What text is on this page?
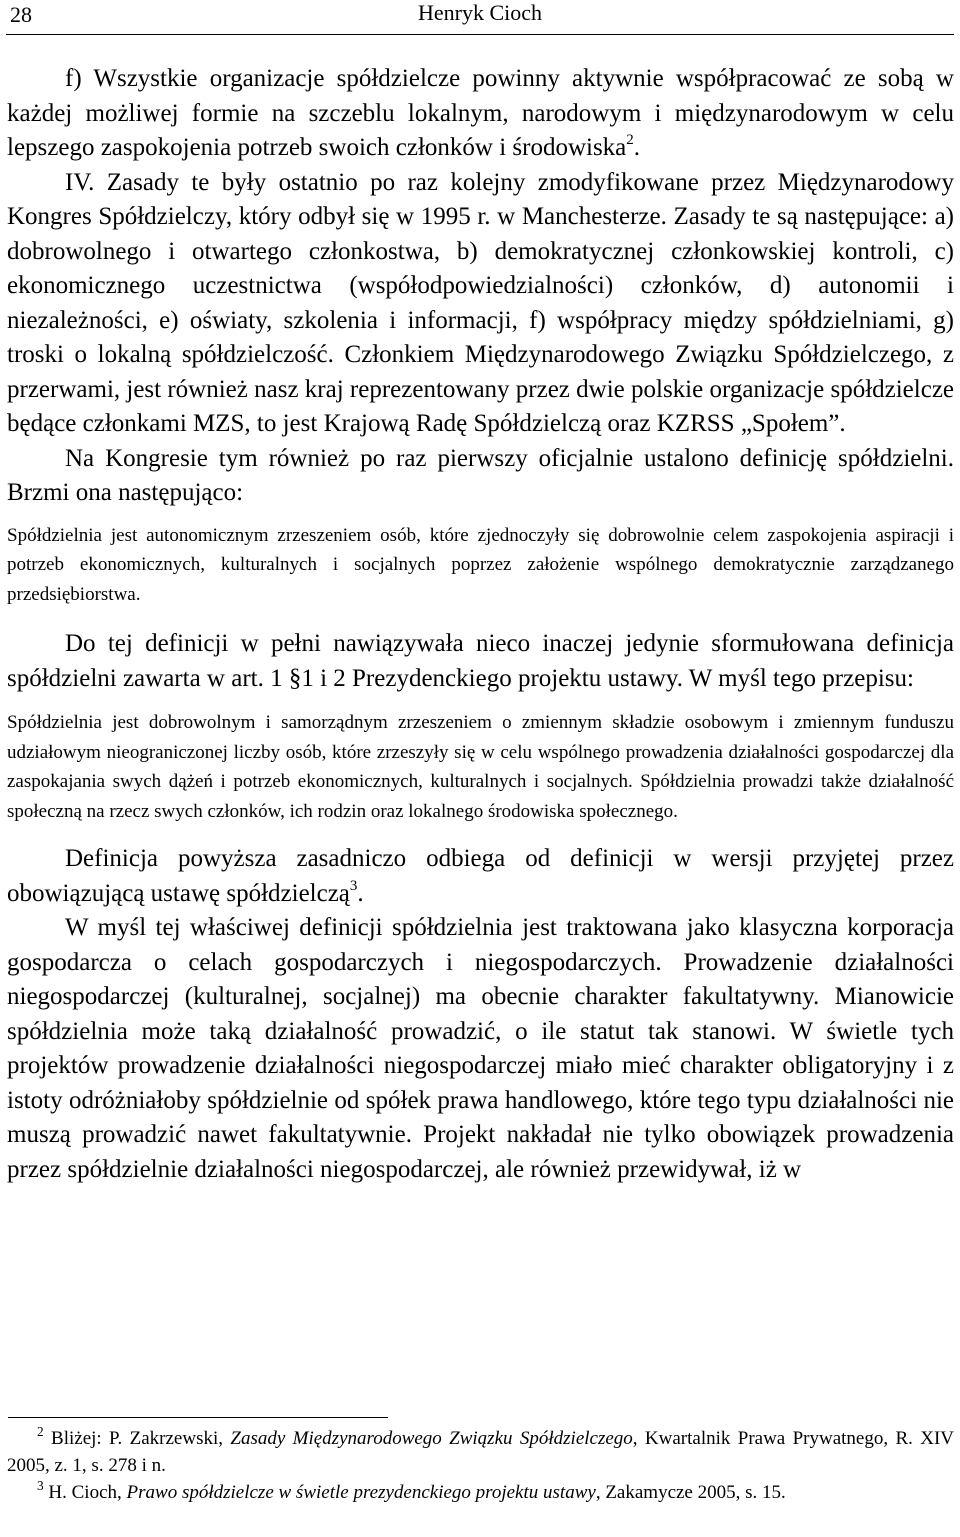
28	Henryk Cioch

f) Wszystkie organizacje spółdzielcze powinny aktywnie współpracować ze sobą w każdej możliwej formie na szczeblu lokalnym, narodowym i międzynarodowym w celu lepszego zaspokojenia potrzeb swoich członków i środowiska$^2$.

IV. Zasady te były ostatnio po raz kolejny zmodyfikowane przez Międzynarodowy Kongres Spółdzielczy, który odbył się w 1995 r. w Manchesterze. Zasady te są następujące: a) dobrowolnego i otwartego członkostwa, b) demokratycznej członkowskiej kontroli, c) ekonomicznego uczestnictwa (współodpowiedzialności) członków, d) autonomii i niezależności, e) oświaty, szkolenia i informacji, f) współpracy między spółdzielniami, g) troski o lokalną spółdzielczość. Członkiem Międzynarodowego Związku Spółdzielczego, z przerwami, jest również nasz kraj reprezentowany przez dwie polskie organizacje spółdzielcze będące członkami MZS, to jest Krajową Radę Spółdzielczą oraz KZRSS „Społem”.

Na Kongresie tym również po raz pierwszy oficjalnie ustalono definicję spółdzielni. Brzmi ona następująco:

Spółdzielnia jest autonomicznym zrzeszeniem osób, które zjednoczyły się dobrowolnie celem zaspokojenia aspiracji i potrzeb ekonomicznych, kulturalnych i socjalnych poprzez założenie wspólnego demokratycznie zarządzanego przedsiębiorstwa.

Do tej definicji w pełni nawiązywała nieco inaczej jedynie sformułowana definicja spółdzielni zawarta w art. 1 §1 i 2 Prezydenckiego projektu ustawy. W myśl tego przepisu:

Spółdzielnia jest dobrowolnym i samorządnym zrzeszeniem o zmiennym składzie osobowym i zmiennym funduszu udziałowym nieograniczonej liczby osób, które zrzeszyły się w celu wspólnego prowadzenia działalności gospodarczej dla zaspokajania swych dążeń i potrzeb ekonomicznych, kulturalnych i socjalnych. Spółdzielnia prowadzi także działalność społeczną na rzecz swych członków, ich rodzin oraz lokalnego środowiska społecznego.

Definicja powyższa zasadniczo odbiega od definicji w wersji przyjętej przez obowiązującą ustawę spółdzielczą$^3$.

W myśl tej właściwej definicji spółdzielnia jest traktowana jako klasyczna korporacja gospodarcza o celach gospodarczych i niegospodarczych. Prowadzenie działalności niegospodarczej (kulturalnej, socjalnej) ma obecnie charakter fakultatywny. Mianowicie spółdzielnia może taką działalność prowadzić, o ile statut tak stanowi. W świetle tych projektów prowadzenie działalności niegospodarczej miało mieć charakter obligatoryjny i z istoty odróżniałoby spółdzielnie od spółek prawa handlowego, które tego typu działalności nie muszą prowadzić nawet fakultatywnie. Projekt nakładał nie tylko obowiązek prowadzenia przez spółdzielnie działalności niegospodarczej, ale również przewidywał, iż w

$^2$ Bliżej: P. Zakrzewski, Zasady Międzynarodowego Związku Spółdzielczego, Kwartalnik Prawa Prywatnego, R. XIV 2005, z. 1, s. 278 i n.

$^3$ H. Cioch, Prawo spółdzielcze w świetle prezydenckiego projektu ustawy, Zakamycze 2005, s. 15.
